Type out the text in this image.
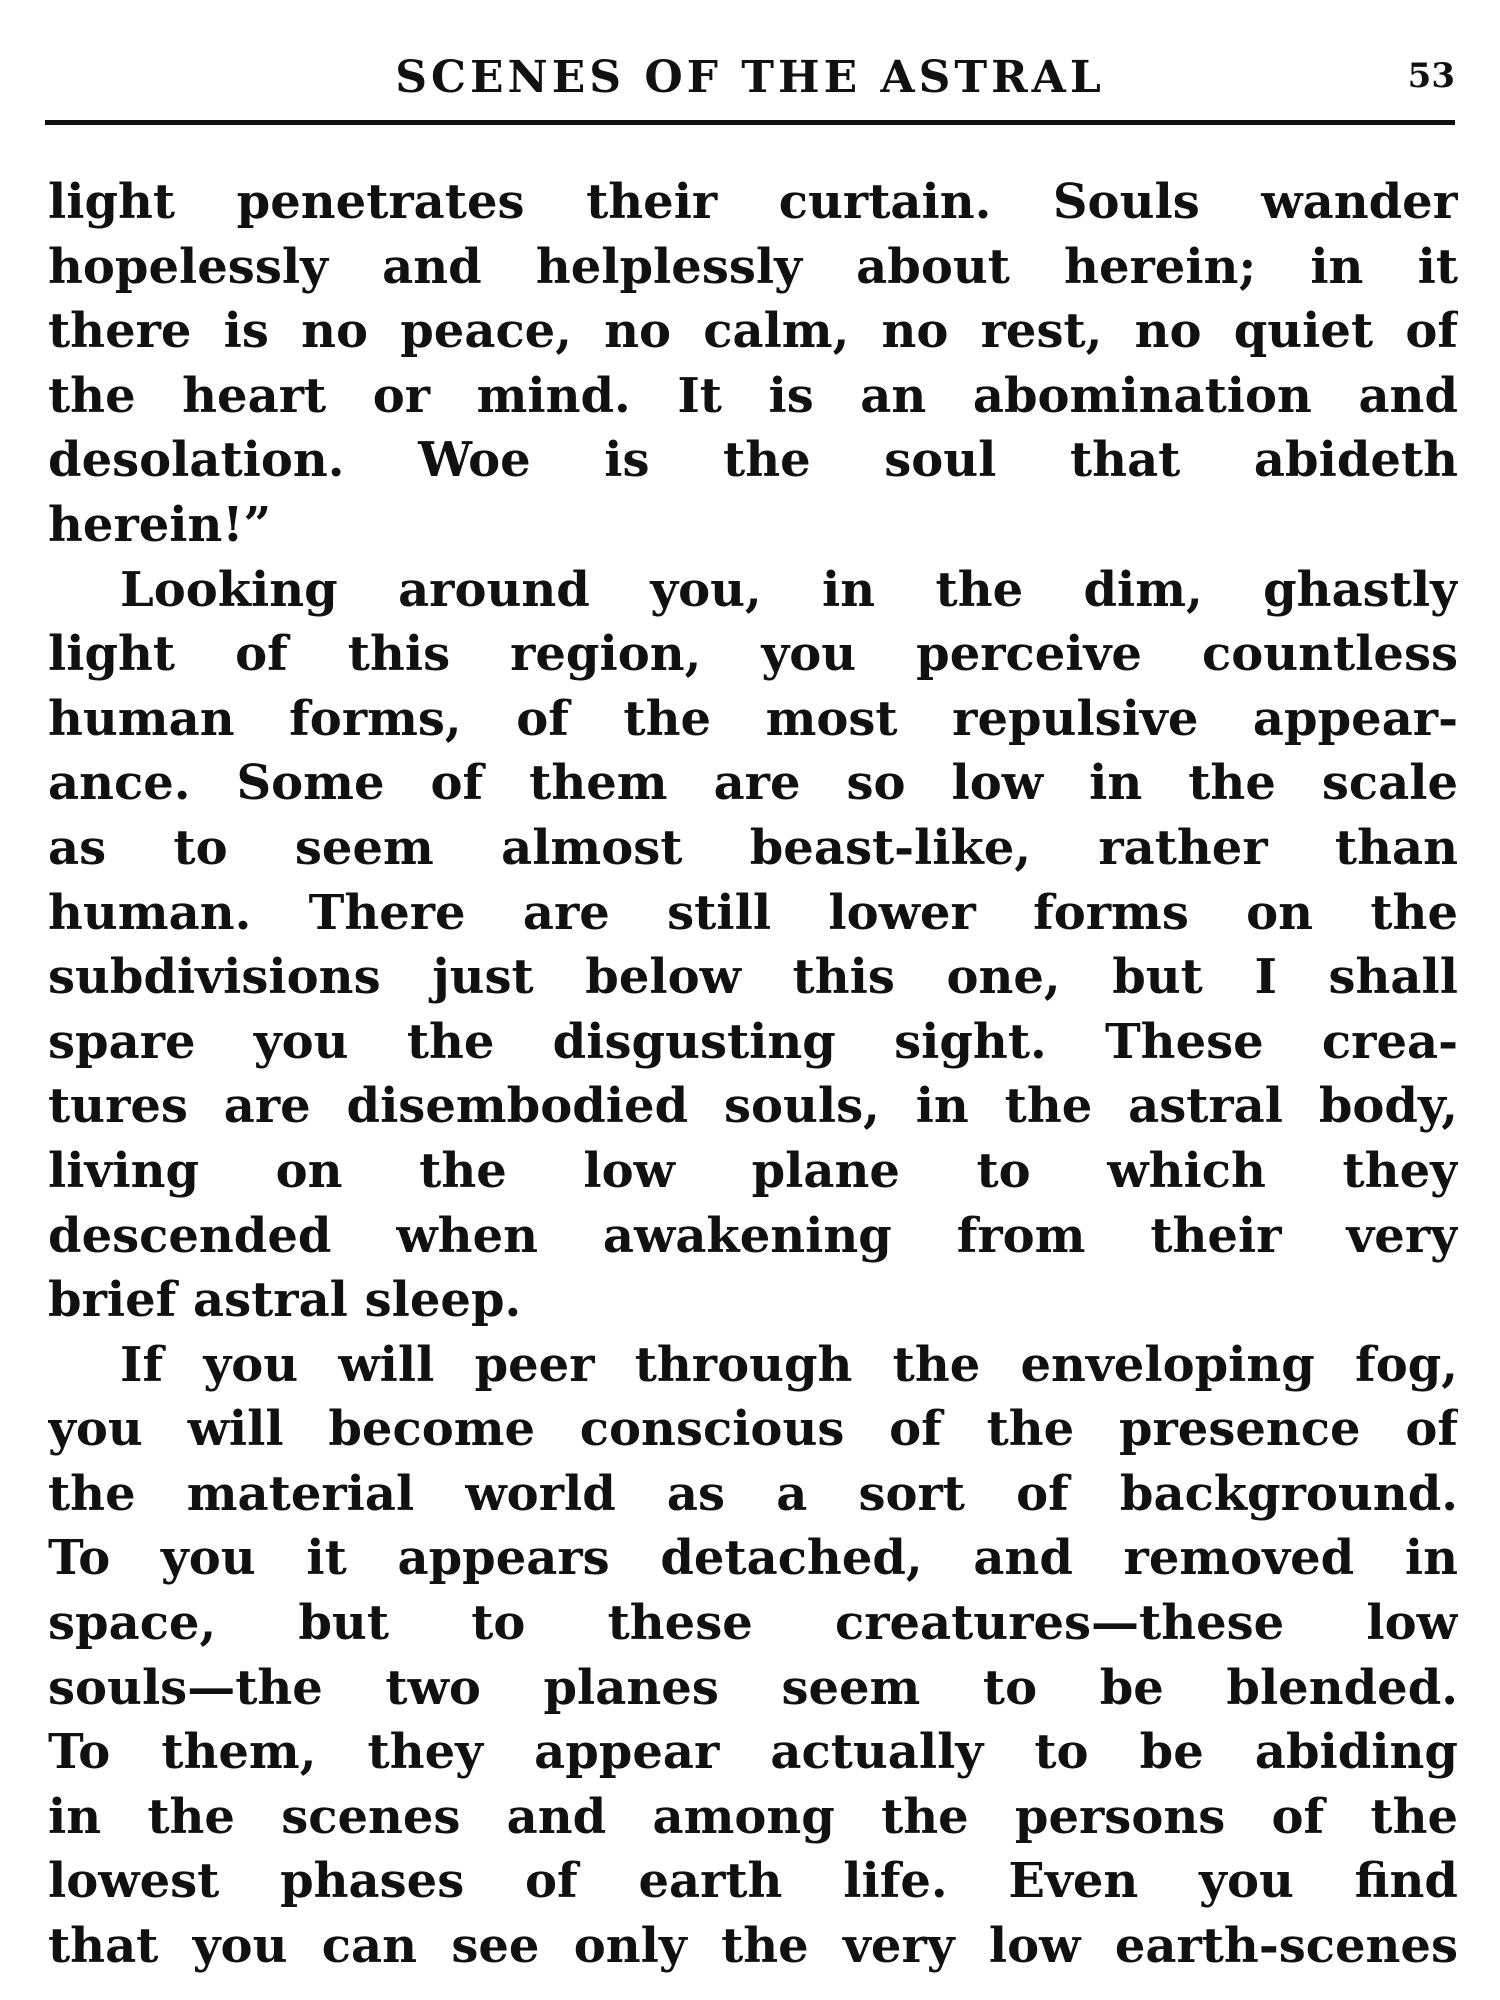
SCENES OF THE ASTRAL	53
light penetrates their curtain. Souls wander
hopelessly and helplessly about herein; in it
there is no peace, no calm, no rest, no quiet of
the heart or mind. It is an abomination and
desolation. Woe is the soul that abideth
herein!”
Looking around you, in the dim, ghastly
light of this region, you perceive countless
human forms, of the most repulsive appear-
ance. Some of them are so low in the scale
as to seem almost beast-like, rather than
human. There are still lower forms on the
subdivisions just below this one, but I shall
spare you the disgusting sight. These crea-
tures are disembodied souls, in the astral body,
living on the low plane to which they
descended when awakening from their very
brief astral sleep.
If you will peer through the enveloping fog,
you will become conscious of the presence of
the material world as a sort of background.
To you it appears detached, and removed in
space, but to these creatures—these low
souls—the two planes seem to be blended.
To them, they appear actually to be abiding
in the scenes and among the persons of the
lowest phases of earth life. Even you find
that you can see only the very low earth-scenes
